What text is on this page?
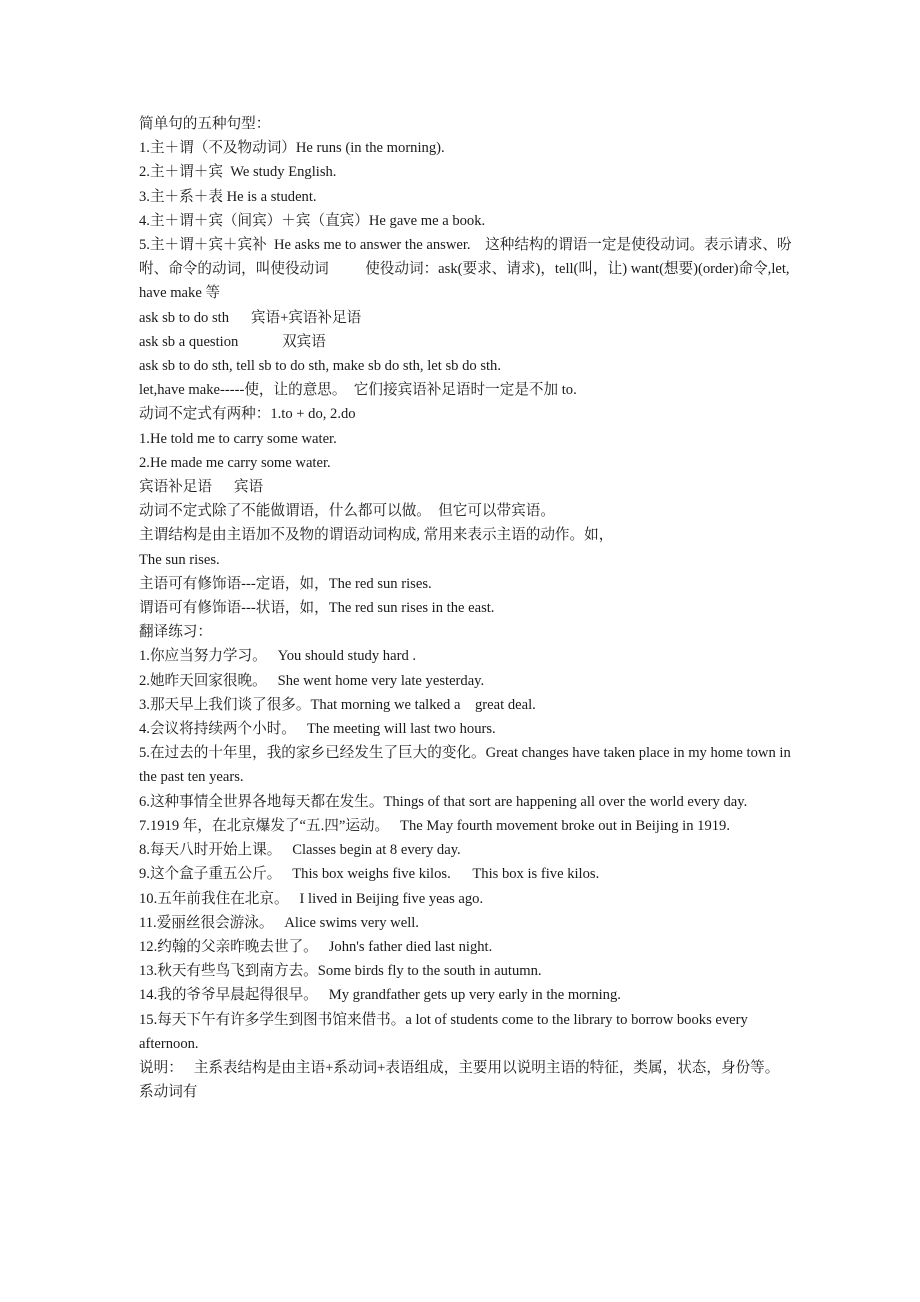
简单句的五种句型：
1.主＋谓（不及物动词）He runs (in the morning).
2.主＋谓＋宾  We study English.
3.主＋系＋表 He is a student.
4.主＋谓＋宾（间宾）＋宾（直宾）He gave me a book.
5.主＋谓＋宾＋宾补  He asks me to answer the answer.    这种结构的谓语一定是使役动词。表示请求、吩咐、命令的动词，叫使役动词          使役动词：ask(要求、请求)，tell(叫，让) want(想要)(order)命令,let, have make 等
ask sb to do sth      宾语+宾语补足语
ask sb a question            双宾语
ask sb to do sth, tell sb to do sth, make sb do sth, let sb do sth.
let,have make-----使，让的意思。  它们接宾语补足语时一定是不加 to.
动词不定式有两种：1.to + do, 2.do
1.He told me to carry some water.
2.He made me carry some water.
宾语补足语      宾语
动词不定式除了不能做谓语，什么都可以做。  但它可以带宾语。
主谓结构是由主语加不及物的谓语动词构成, 常用来表示主语的动作。如，
The sun rises.
主语可有修饰语---定语，如，The red sun rises.
谓语可有修饰语---状语，如，The red sun rises in the east.
翻译练习：
1.你应当努力学习。   You should study hard .
2.她昨天回家很晚。   She went home very late yesterday.
3.那天早上我们谈了很多。That morning we talked a    great deal.
4.会议将持续两个小时。   The meeting will last two hours.
5.在过去的十年里，我的家乡已经发生了巨大的变化。Great changes have taken place in my home town in the past ten years.
6.这种事情全世界各地每天都在发生。Things of that sort are happening all over the world every day.
7.1919 年，在北京爆发了“五.四”运动。   The May fourth movement broke out in Beijing in 1919.
8.每天八时开始上课。   Classes begin at 8 every day.
9.这个盒子重五公斤。   This box weighs five kilos.      This box is five kilos.
10.五年前我住在北京。   I lived in Beijing five yeas ago.
11.爱丽丝很会游泳。   Alice swims very well.
12.约翰的父亲昨晚去世了。   John's father died last night.
13.秋天有些鸟飞到南方去。Some birds fly to the south in autumn.
14.我的爷爷早晨起得很早。   My grandfather gets up very early in the morning.
15.每天下午有许多学生到图书馆来借书。a lot of students come to the library to borrow books every afternoon.
说明：   主系表结构是由主语+系动词+表语组成，主要用以说明主语的特征，类属，状态，身份等。
系动词有
